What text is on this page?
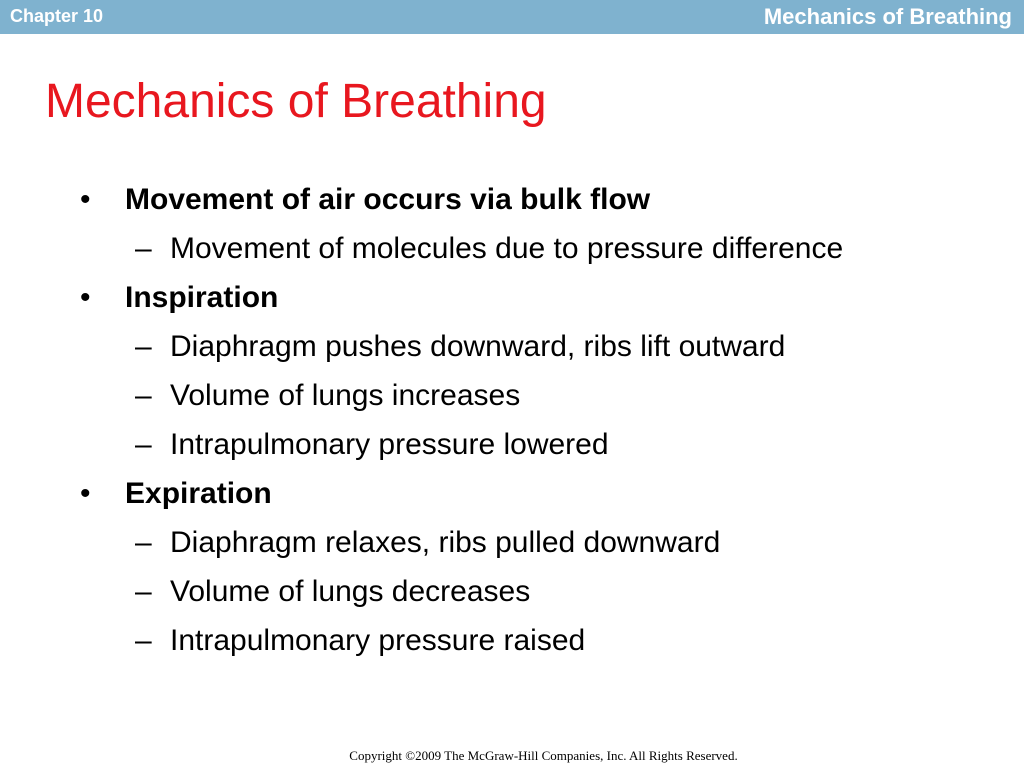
Chapter 10	Mechanics of Breathing
Mechanics of Breathing
• Movement of air occurs via bulk flow
– Movement of molecules due to pressure difference
• Inspiration
– Diaphragm pushes downward, ribs lift outward
– Volume of lungs increases
– Intrapulmonary pressure lowered
• Expiration
– Diaphragm relaxes, ribs pulled downward
– Volume of lungs decreases
– Intrapulmonary pressure raised
Copyright ©2009 The McGraw-Hill Companies, Inc. All Rights Reserved.
